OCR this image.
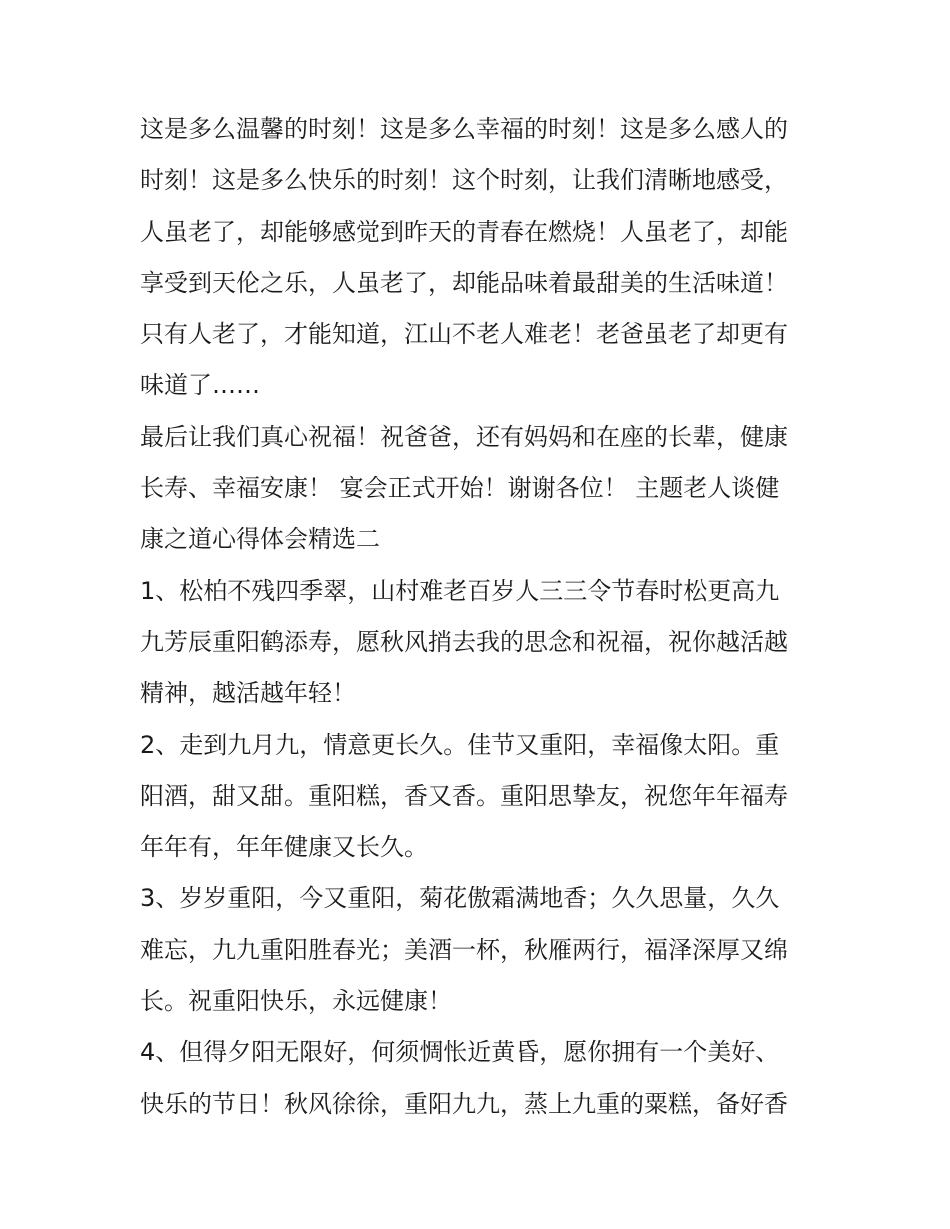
这是多么温馨的时刻！这是多么幸福的时刻！这是多么感人的
时刻！这是多么快乐的时刻！这个时刻，让我们清晰地感受，
人虽老了，却能够感觉到昨天的青春在燃烧！人虽老了，却能
享受到天伦之乐，人虽老了，却能品味着最甜美的生活味道！
只有人老了，才能知道，江山不老人难老！老爸虽老了却更有
味道了……
最后让我们真心祝福！祝爸爸，还有妈妈和在座的长辈，健康
长寿、幸福安康！ 宴会正式开始！谢谢各位！ 主题老人谈健
康之道心得体会精选二
1、松柏不残四季翠，山村难老百岁人三三令节春时松更高九
九芳辰重阳鹤添寿，愿秋风捎去我的思念和祝福，祝你越活越
精神，越活越年轻！
2、走到九月九，情意更长久。佳节又重阳，幸福像太阳。重
阳酒，甜又甜。重阳糕，香又香。重阳思挚友，祝您年年福寿
年年有，年年健康又长久。
3、岁岁重阳，今又重阳，菊花傲霜满地香；久久思量，久久
难忘，九九重阳胜春光；美酒一杯，秋雁两行，福泽深厚又绵
长。祝重阳快乐，永远健康！
4、但得夕阳无限好，何须惆怅近黄昏，愿你拥有一个美好、
快乐的节日！秋风徐徐，重阳九九，蒸上九重的粟糕，备好香
